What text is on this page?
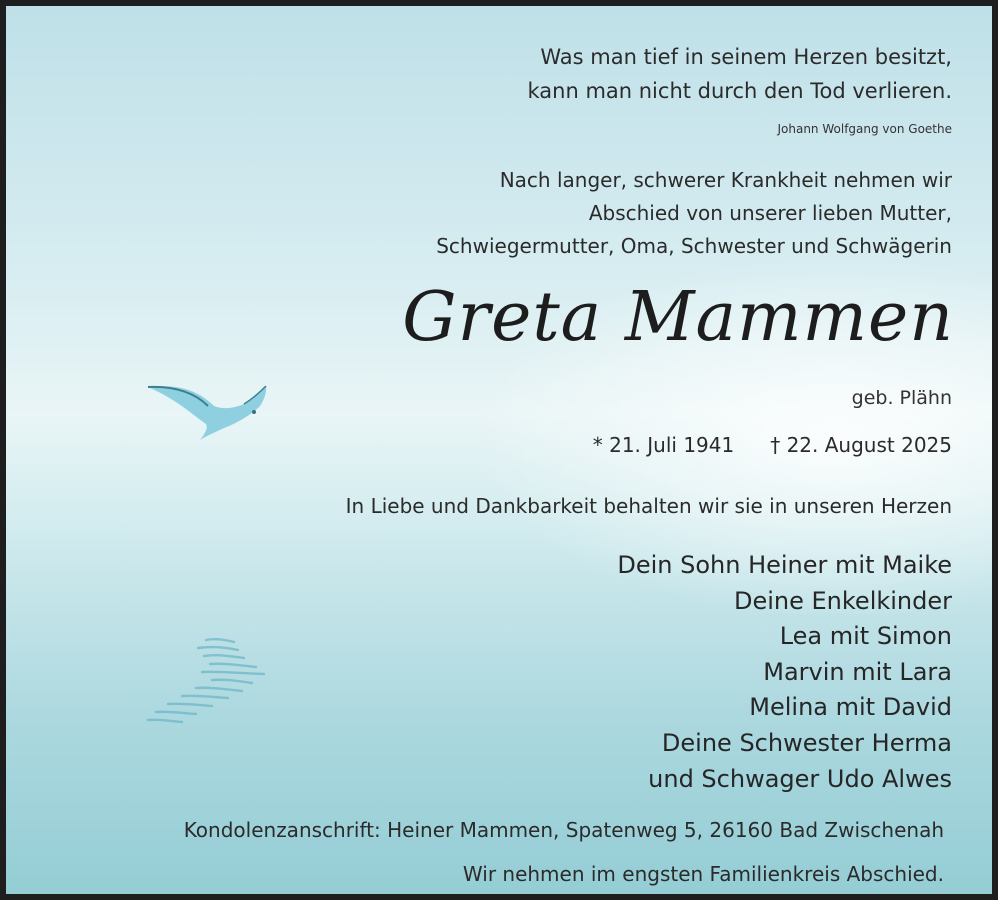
Was man tief in seinem Herzen besitzt,
kann man nicht durch den Tod verlieren.
Johann Wolfgang von Goethe
Nach langer, schwerer Krankheit nehmen wir
Abschied von unserer lieben Mutter,
Schwiegermutter, Oma, Schwester und Schwägerin
Greta Mammen
geb. Plähn
* 21. Juli 1941 † 22. August 2025
In Liebe und Dankbarkeit behalten wir sie in unseren Herzen
Dein Sohn Heiner mit Maike
Deine Enkelkinder
Lea mit Simon
Marvin mit Lara
Melina mit David
Deine Schwester Herma
und Schwager Udo Alwes
Kondolenzanschrift: Heiner Mammen, Spatenweg 5, 26160 Bad Zwischenah
Wir nehmen im engsten Familienkreis Abschied.
